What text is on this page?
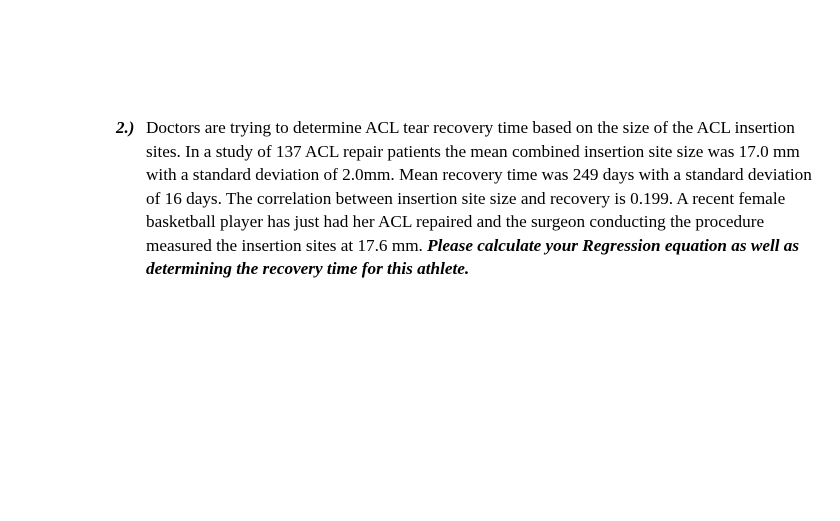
2.) Doctors are trying to determine ACL tear recovery time based on the size of the ACL insertion sites. In a study of 137 ACL repair patients the mean combined insertion site size was 17.0 mm with a standard deviation of 2.0mm. Mean recovery time was 249 days with a standard deviation of 16 days. The correlation between insertion site size and recovery is 0.199. A recent female basketball player has just had her ACL repaired and the surgeon conducting the procedure measured the insertion sites at 17.6 mm. Please calculate your Regression equation as well as determining the recovery time for this athlete.
